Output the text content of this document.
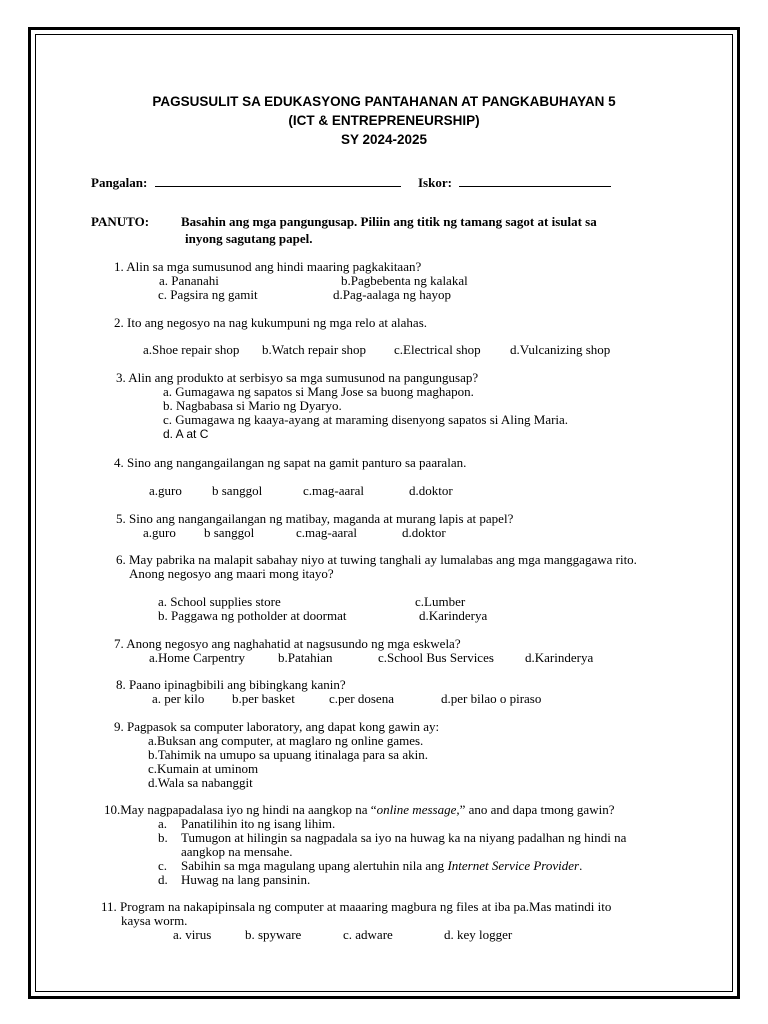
PAGSUSULIT SA EDUKASYONG PANTAHANAN AT PANGKABUHAYAN 5
(ICT & ENTREPRENEURSHIP)
SY 2024-2025
Pangalan:	Iskor:
PANUTO: Basahin ang mga pangungusap. Piliin ang titik ng tamang sagot at isulat sa
inyong sagutang papel.
1. Alin sa mga sumusunod ang hindi maaring pagkakitaan?
a. Pananahi	b.Pagbebenta ng kalakal
c. Pagsira ng gamit	d.Pag-aalaga ng hayop
2. Ito ang negosyo na nag kukumpuni ng mga relo at alahas.
a.Shoe repair shop b.Watch repair shop c.Electrical shop d.Vulcanizing shop
3. Alin ang produkto at serbisyo sa mga sumusunod na pangungusap?
a. Gumagawa ng sapatos si Mang Jose sa buong maghapon.
b. Nagbabasa si Mario ng Dyaryo.
c. Gumagawa ng kaaya-ayang at maraming disenyong sapatos si Aling Maria.
d. A at C
4. Sino ang nangangailangan ng sapat na gamit panturo sa paaralan.
a.guro b sanggol	c.mag-aaral	d.doktor
5. Sino ang nangangailangan ng matibay, maganda at murang lapis at papel?
a.guro b sanggol	c.mag-aaral	d.doktor
6. May pabrika na malapit sabahay niyo at tuwing tanghali ay lumalabas ang mga manggagawa rito.
Anong negosyo ang maari mong itayo?
a. School supplies store	c.Lumber
b. Paggawa ng potholder at doormat	d.Karinderya
7. Anong negosyo ang naghahatid at nagsusundo ng mga eskwela?
a.Home Carpentry	b.Patahian	c.School Bus Services d.Karinderya
8. Paano ipinagbibili ang bibingkang kanin?
a. per kilo b.per basket	c.per dosena	d.per bilao o piraso
9. Pagpasok sa computer laboratory, ang dapat kong gawin ay:
a.Buksan ang computer, at maglaro ng online games.
b.Tahimik na umupo sa upuang itinalaga para sa akin.
c.Kumain at uminom
d.Wala sa nabanggit
10.May nagpapadalasa iyo ng hindi na aangkop na “online message,” ano and dapa tmong gawin?
a. Panatilihin ito ng isang lihim.
b. Tumugon at hilingin sa nagpadala sa iyo na huwag ka na niyang padalhan ng hindi na
aangkop na mensahe.
c. Sabihin sa mga magulang upang alertuhin nila ang Internet Service Provider.
d. Huwag na lang pansinin.
11. Program na nakapipinsala ng computer at maaaring magbura ng files at iba pa.Mas matindi ito
kaysa worm.
a. virus	b. spyware	c. adware	d. key logger
